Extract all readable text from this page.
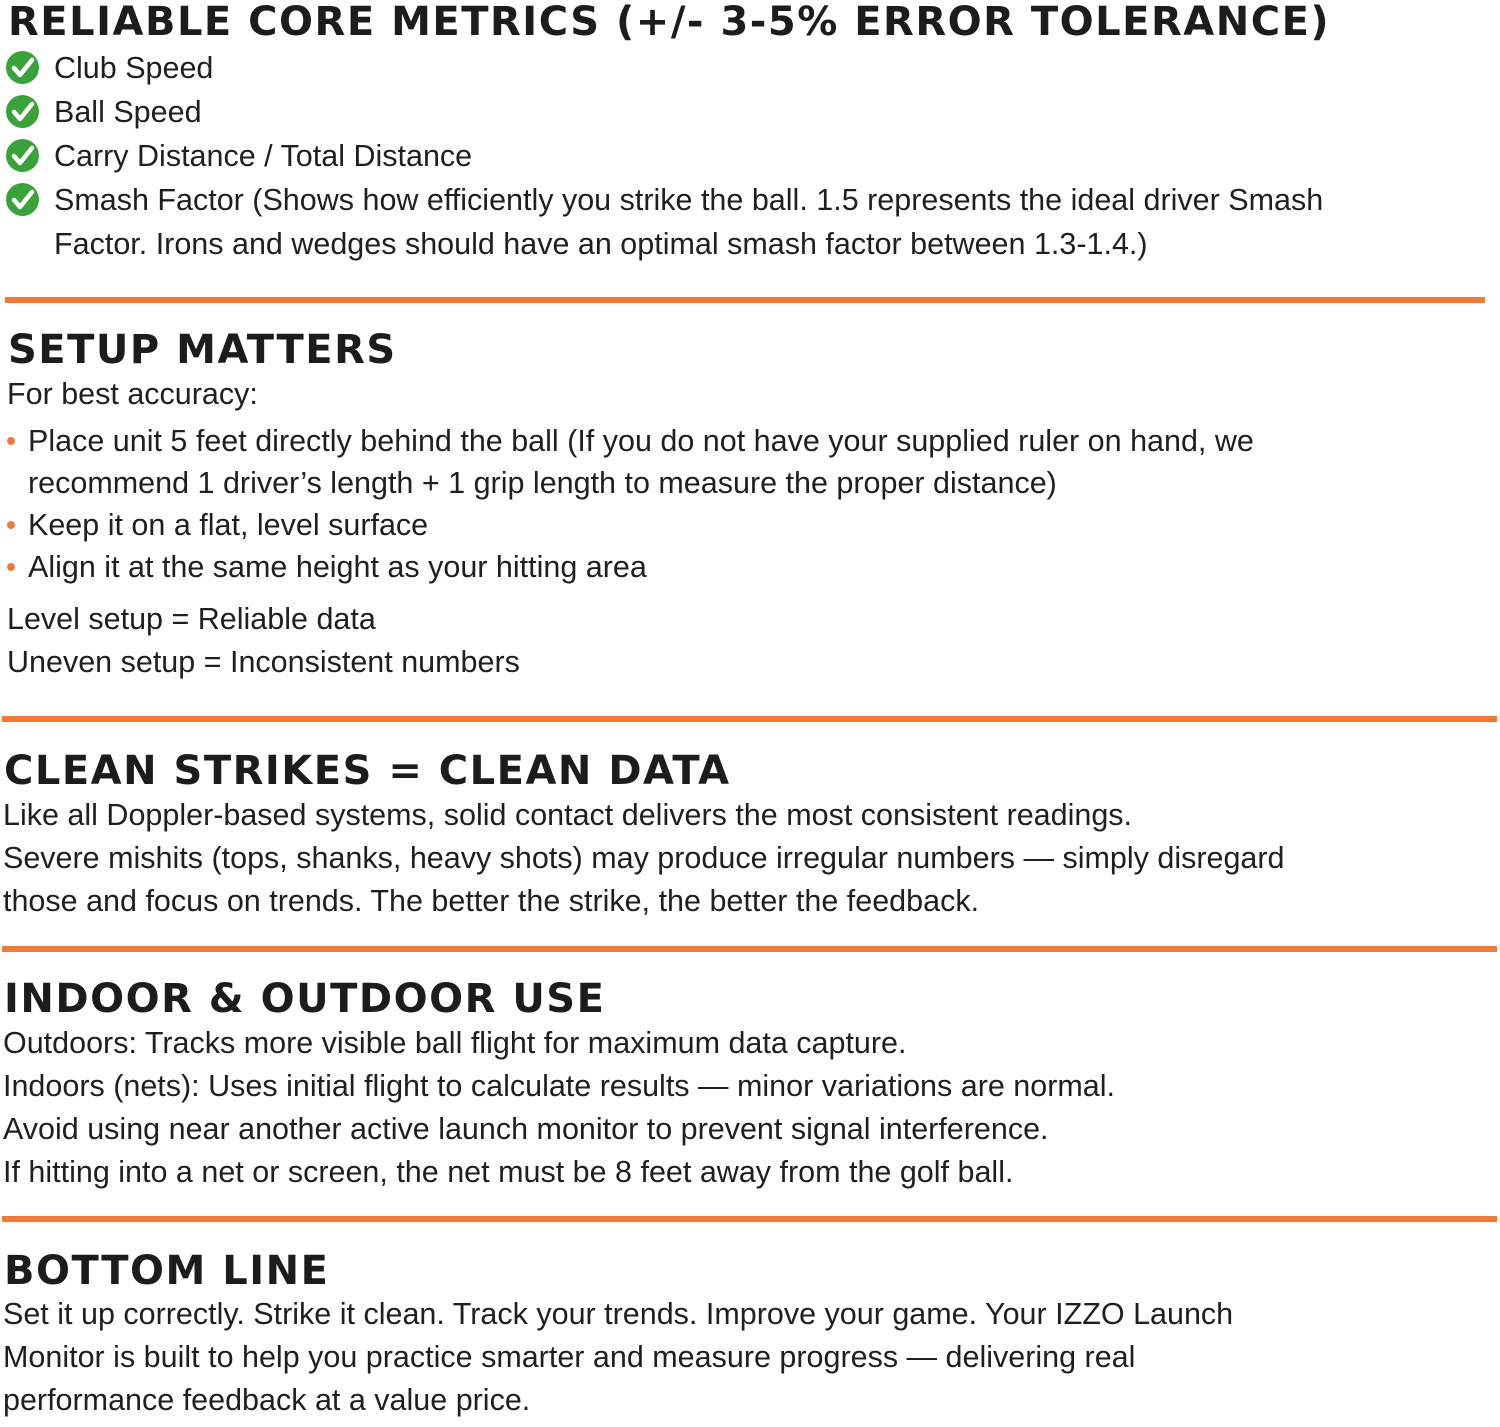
RELIABLE CORE METRICS (+/- 3-5% ERROR TOLERANCE)
Club Speed
Ball Speed
Carry Distance / Total Distance
Smash Factor (Shows how efficiently you strike the ball. 1.5 represents the ideal driver Smash
Factor. Irons and wedges should have an optimal smash factor between 1.3-1.4.)
SETUP MATTERS

For best accuracy:

Place unit 5 feet directly behind the ball (If you do not have your supplied ruler on hand, we
recommend 1 driver’s length + 1 grip length to measure the proper distance)
Keep it on a flat, level surface
Align it at the same height as your hitting area

Level setup = Reliable data

Uneven setup = Inconsistent numbers

CLEAN STRIKES = CLEAN DATA

Like all Doppler-based systems, solid contact delivers the most consistent readings.

Severe mishits (tops, shanks, heavy shots) may produce irregular numbers — simply disregard

those and focus on trends. The better the strike, the better the feedback.

INDOOR & OUTDOOR USE

Outdoors: Tracks more visible ball flight for maximum data capture.

Indoors (nets): Uses initial flight to calculate results — minor variations are normal.

Avoid using near another active launch monitor to prevent signal interference.

If hitting into a net or screen, the net must be 8 feet away from the golf ball.

BOTTOM LINE

Set it up correctly. Strike it clean. Track your trends. Improve your game. Your IZZO Launch

Monitor is built to help you practice smarter and measure progress — delivering real

performance feedback at a value price.
